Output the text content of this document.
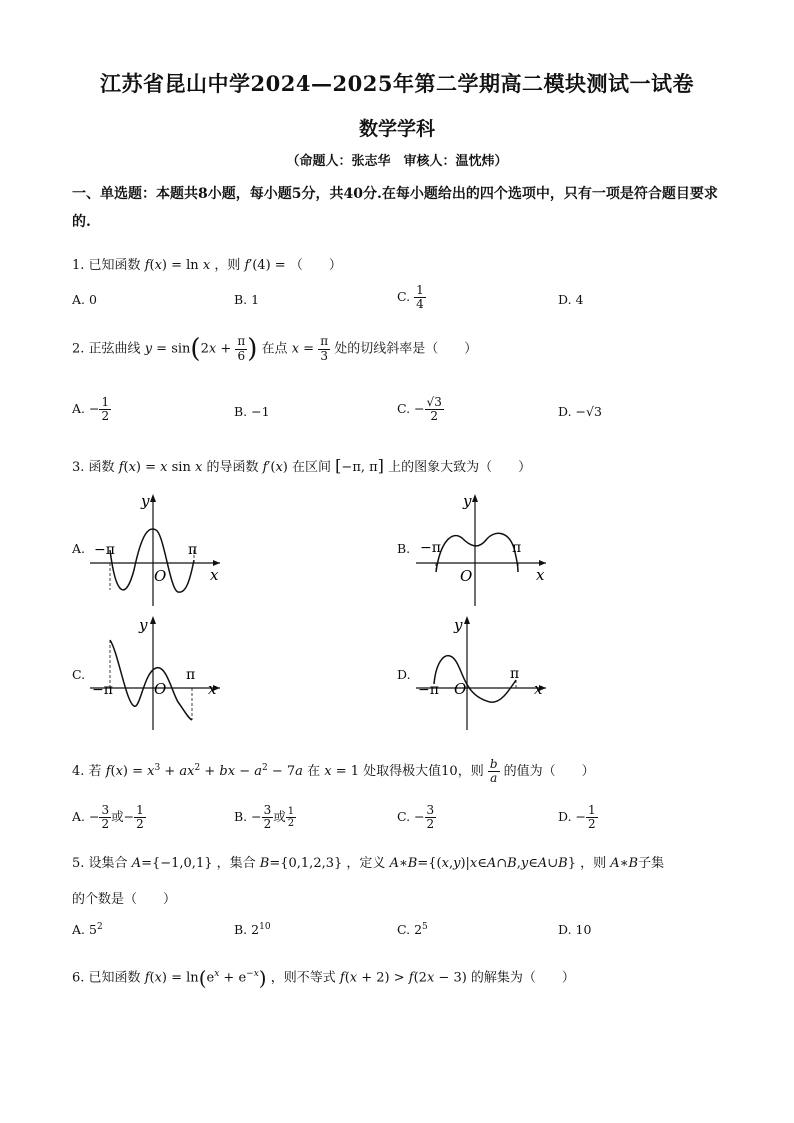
江苏省昆山中学2024—2025年第二学期高二模块测试一试卷
数学学科
（命题人：张志华　审核人：温忱炜）
一、单选题：本题共8小题，每小题5分，共40分.在每小题给出的四个选项中，只有一项是符合题目要求的.
1. 已知函数 f(x) = ln x ，则 f′(4) = （　　）
A. 0	B. 1	C. $\frac{1}{4}$	D. 4
2. 正弦曲线 $y = \sin(2x + \frac{\pi}{6}$ ) 在点 $x = \frac{\pi}{3}$ 处的切线斜率是（　　）
A. − $\frac{1}{2}$	B. −1	C. − $\frac{√3}{2}$	D. −√3
3. 函数 f(x) = x sin x 的导函数 f′(x) 在区间 [−π, π] 上的图象大致为（　　）
A. −π	π
O	x
y
B. −π	π
O	x
y
C.
−π
π
O	x
y
D.
−π
π
O	x
y
4. 若 $f(x) = x^3 + ax^2$ + bx − $a^2 - 7a$ 在 x = 1 处取得极大值10，则 $\frac{b}{a}$ 的值为（　　）
A. − $\frac{3}{2}$ 或− $\frac{1}{2}$	B. − $\frac{3}{2}$ 或 $\frac{1}{2}$	C. − $\frac{3}{2}$	D. − $\frac{1}{2}$
5. 设集合 A={−1,0,1} ，集合 B={0,1,2,3} ，定义 A∗B={(x,y)|x∈A∩B,y∈A∪B} ，则 A∗B子集
的个数是（　　）
A. $5^2$	B. $2^{10}$	C. $2^5$	D. 10
6. 已知函数 $f(x) = \ln(e^x + e^{-x})$ ，则不等式 f(x + 2) > f(2x − 3) 的解集为（　　）
